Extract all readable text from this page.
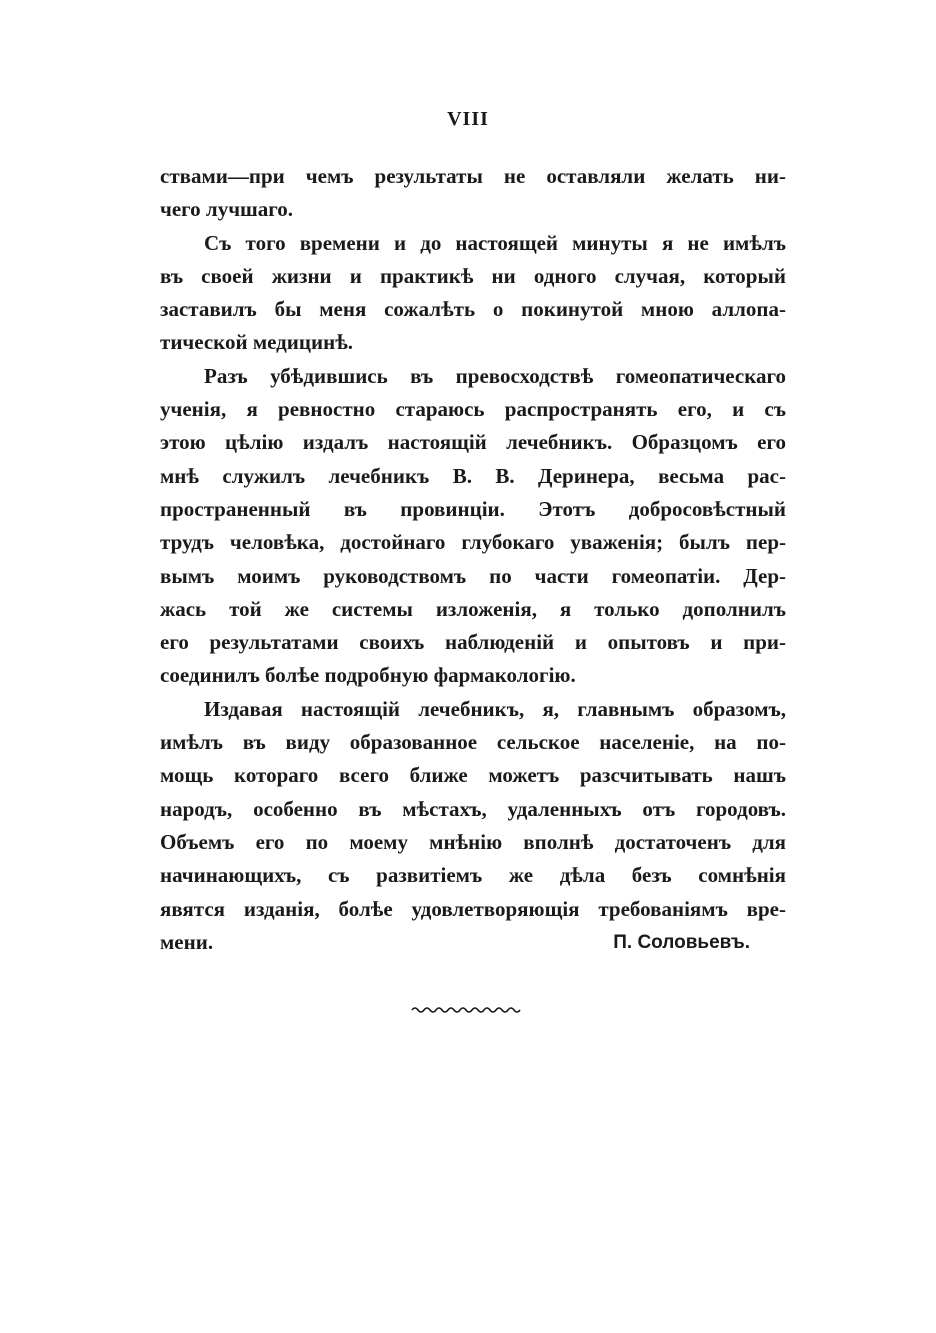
VIII
ствами—при чемъ результаты не оставляли желать ни-
чего лучшаго.
Съ того времени и до настоящей минуты я не имѣлъ
въ своей жизни и практикѣ ни одного случая, который
заставилъ бы меня сожалѣть о покинутой мною аллопа-
тической медицинѣ.
Разъ убѣдившись въ превосходствѣ гомеопатическаго
ученія, я ревностно стараюсь распространять его, и съ
этою цѣлію издалъ настоящій лечебникъ. Образцомъ его
мнѣ служилъ лечебникъ В. В. Деринера, весьма рас-
пространенный въ провинціи. Этотъ добросовѣстный
трудъ человѣка, достойнаго глубокаго уваженія; былъ пер-
вымъ моимъ руководствомъ по части гомеопатіи. Дер-
жась той же системы изложенія, я только дополнилъ
его результатами своихъ наблюденій и опытовъ и при-
соединилъ болѣе подробную фармакологію.
Издавая настоящій лечебникъ, я, главнымъ образомъ,
имѣлъ въ виду образованное сельское населеніе, на по-
мощь котораго всего ближе можетъ разсчитывать нашъ
народъ, особенно въ мѣстахъ, удаленныхъ отъ городовъ.
Объемъ его по моему мнѣнію вполнѣ достаточенъ для
начинающихъ, съ развитіемъ же дѣла безъ сомнѣнія
явятся изданія, болѣе удовлетворяющія требованіямъ вре-
мени.	П. Соловьевъ.
